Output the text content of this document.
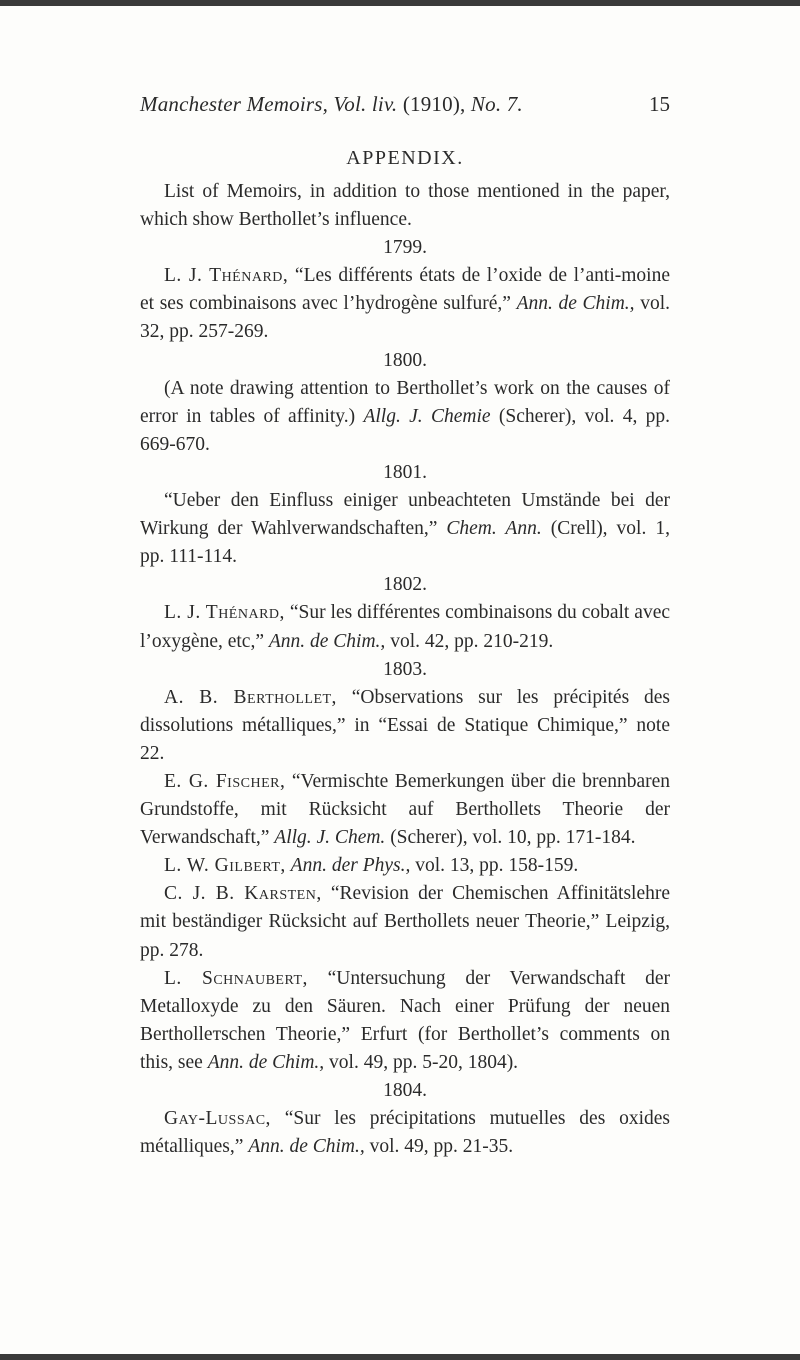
Manchester Memoirs, Vol. liv. (1910), No. 7.	15
APPENDIX.

List of Memoirs, in addition to those mentioned in the paper, which show Berthollet’s influence.

1799.

L. J. Thénard, “Les différents états de l’oxide de l’anti-moine et ses combinaisons avec l’hydrogène sulfuré,” Ann. de Chim., vol. 32, pp. 257-269.

1800.

(A note drawing attention to Berthollet’s work on the causes of error in tables of affinity.) Allg. J. Chemie (Scherer), vol. 4, pp. 669-670.

1801.

“Ueber den Einfluss einiger unbeachteten Umstände bei der Wirkung der Wahlverwandschaften,” Chem. Ann. (Crell), vol. 1, pp. 111-114.

1802.

L. J. Thénard, “Sur les différentes combinaisons du cobalt avec l’oxygène, etc,” Ann. de Chim., vol. 42, pp. 210-219.

1803.

A. B. Berthollet, “Observations sur les précipités des dissolutions métalliques,” in “Essai de Statique Chimique,” note 22.

E. G. Fischer, “Vermischte Bemerkungen über die brennbaren Grundstoffe, mit Rücksicht auf Berthollets Theorie der Verwandschaft,” Allg. J. Chem. (Scherer), vol. 10, pp. 171-184.

L. W. Gilbert, Ann. der Phys., vol. 13, pp. 158-159.

C. J. B. Karsten, “Revision der Chemischen Affinitätslehre mit beständiger Rücksicht auf Berthollets neuer Theorie,” Leipzig, pp. 278.

L. Schnaubert, “Untersuchung der Verwandschaft der Metalloxyde zu den Säuren. Nach einer Prüfung der neuen Berthollетschen Theorie,” Erfurt (for Berthollet’s comments on this, see Ann. de Chim., vol. 49, pp. 5-20, 1804).

1804.

Gay-Lussac, “Sur les précipitations mutuelles des oxides métalliques,” Ann. de Chim., vol. 49, pp. 21-35.
